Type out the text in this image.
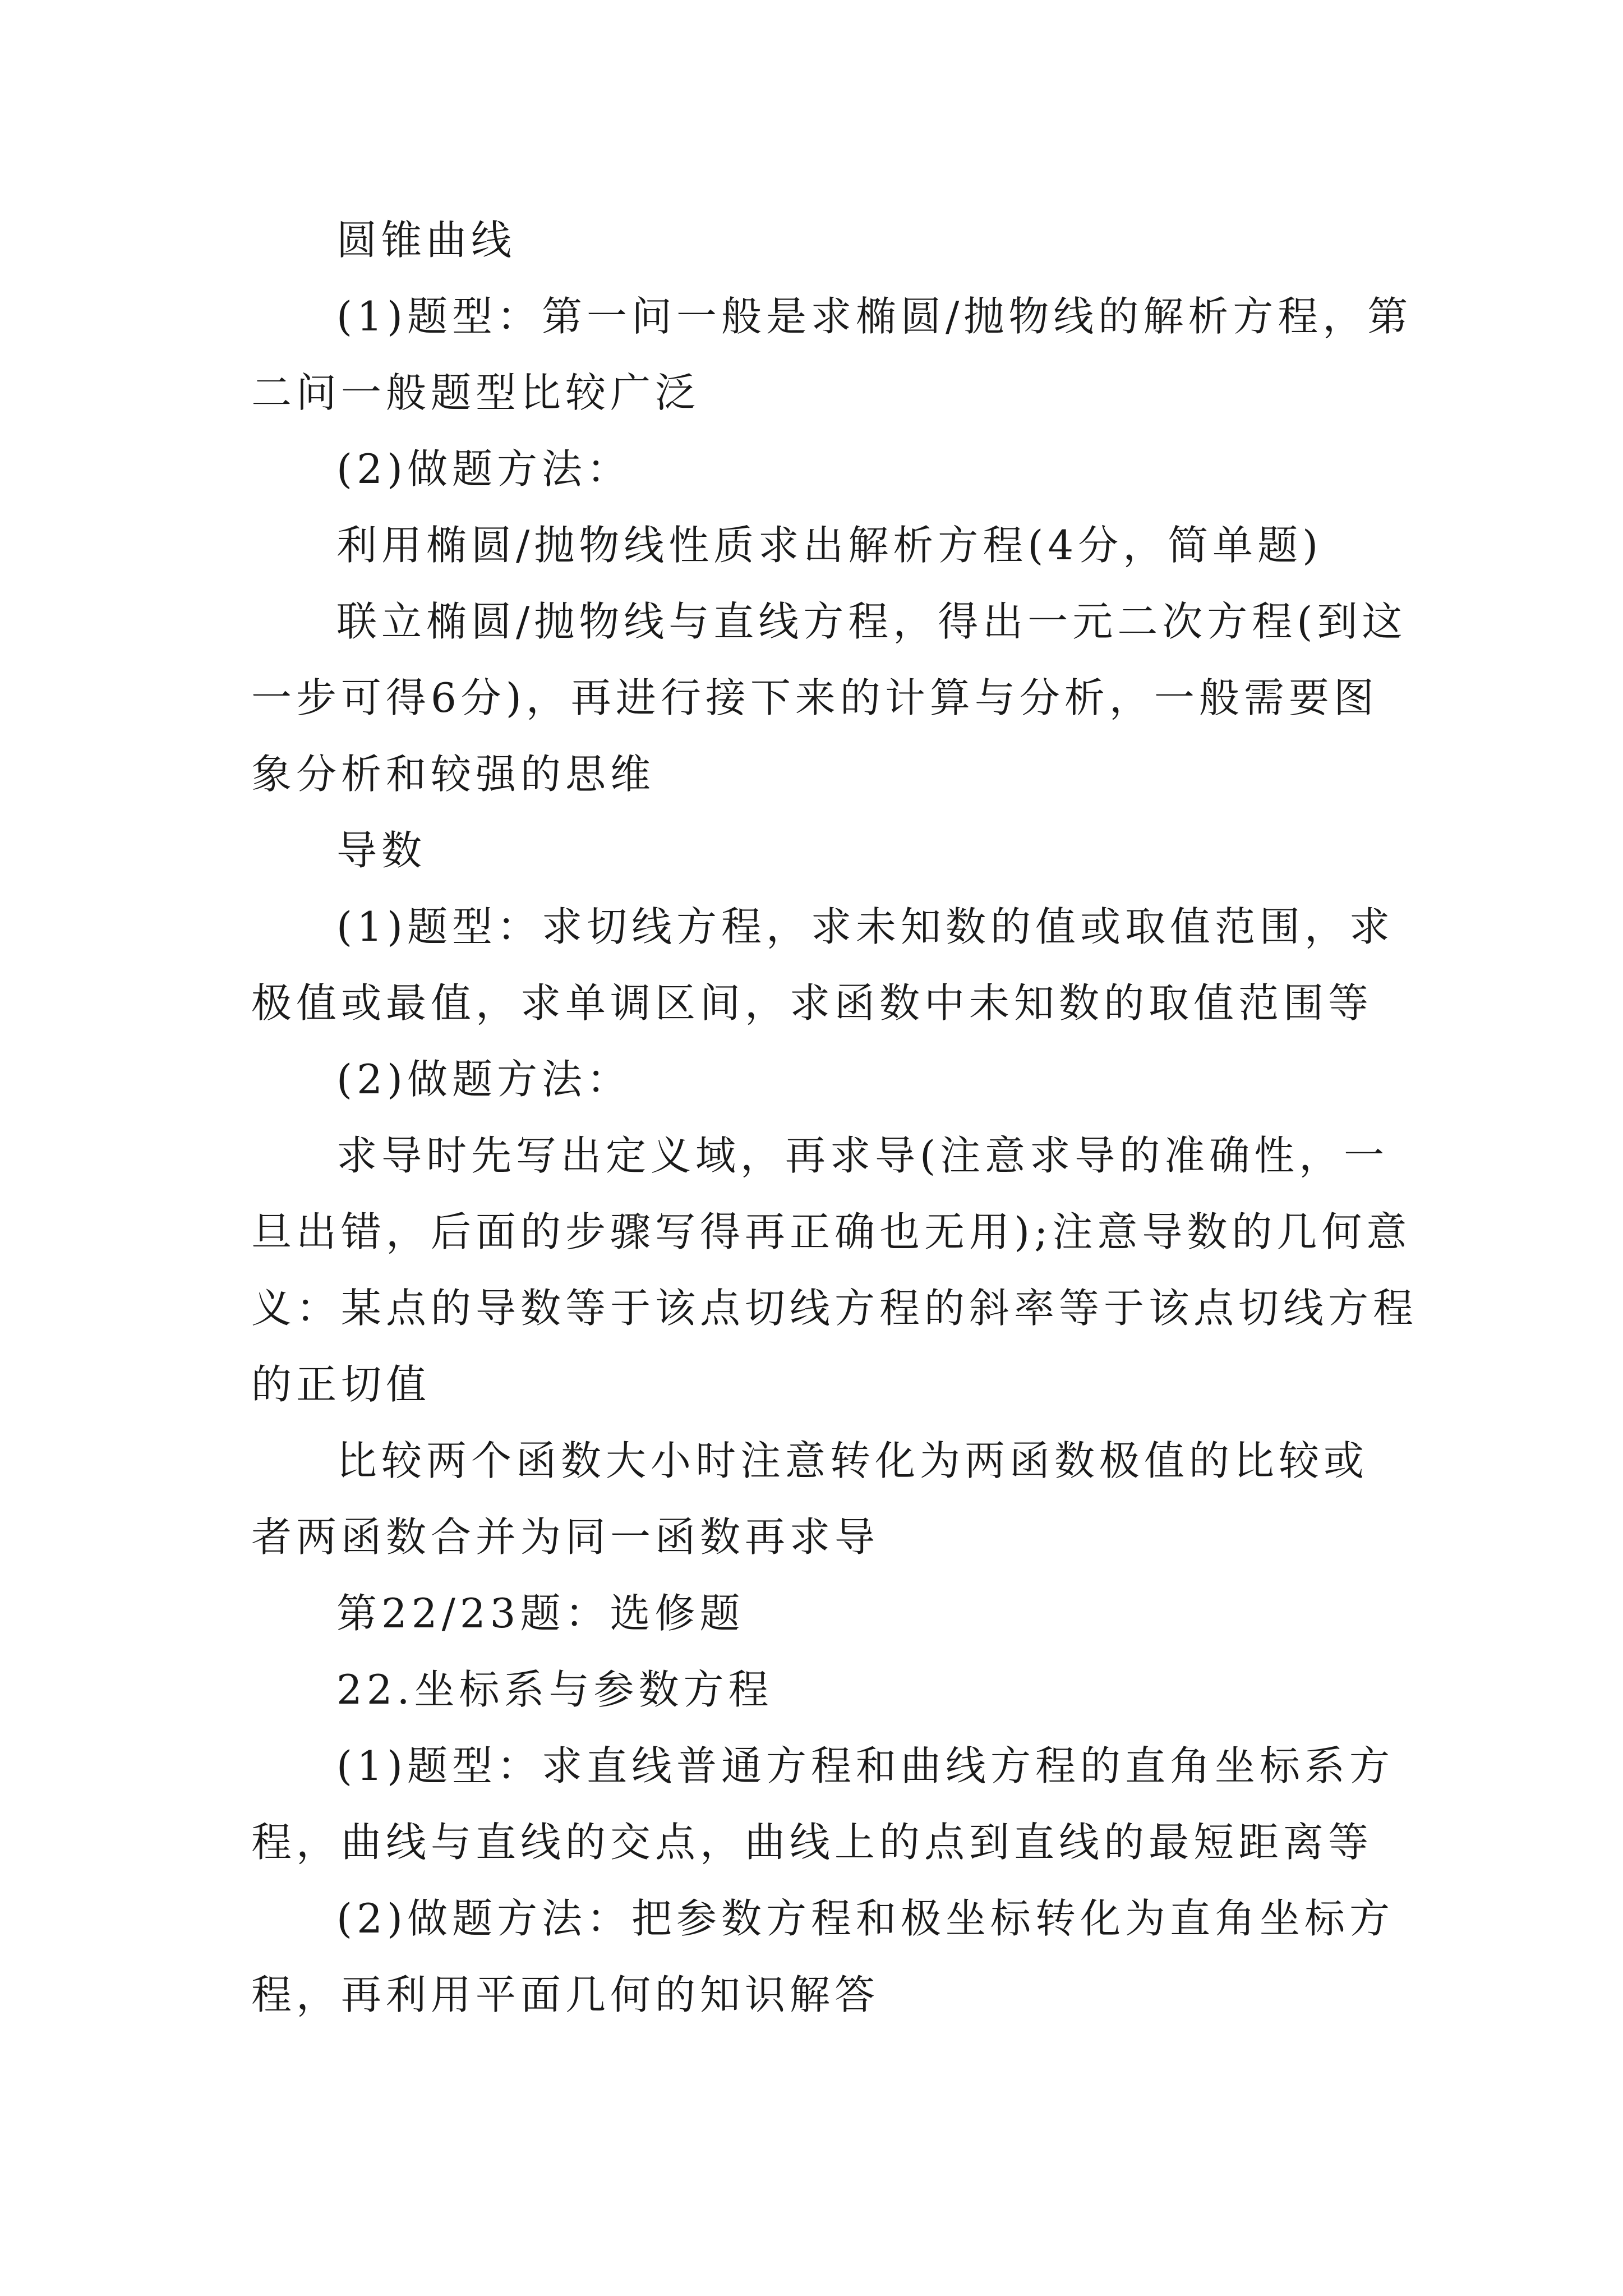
圆锥曲线
(1)题型：第一问一般是求椭圆/抛物线的解析方程，第
二问一般题型比较广泛
(2)做题方法：
利用椭圆/抛物线性质求出解析方程(4分，简单题)
联立椭圆/抛物线与直线方程，得出一元二次方程(到这
一步可得6分)，再进行接下来的计算与分析，一般需要图
象分析和较强的思维
导数
(1)题型：求切线方程，求未知数的值或取值范围，求
极值或最值，求单调区间，求函数中未知数的取值范围等
(2)做题方法：
求导时先写出定义域，再求导(注意求导的准确性，一
旦出错，后面的步骤写得再正确也无用);注意导数的几何意
义：某点的导数等于该点切线方程的斜率等于该点切线方程
的正切值
比较两个函数大小时注意转化为两函数极值的比较或
者两函数合并为同一函数再求导
第22/23题：选修题
22.坐标系与参数方程
(1)题型：求直线普通方程和曲线方程的直角坐标系方
程，曲线与直线的交点，曲线上的点到直线的最短距离等
(2)做题方法：把参数方程和极坐标转化为直角坐标方
程，再利用平面几何的知识解答
